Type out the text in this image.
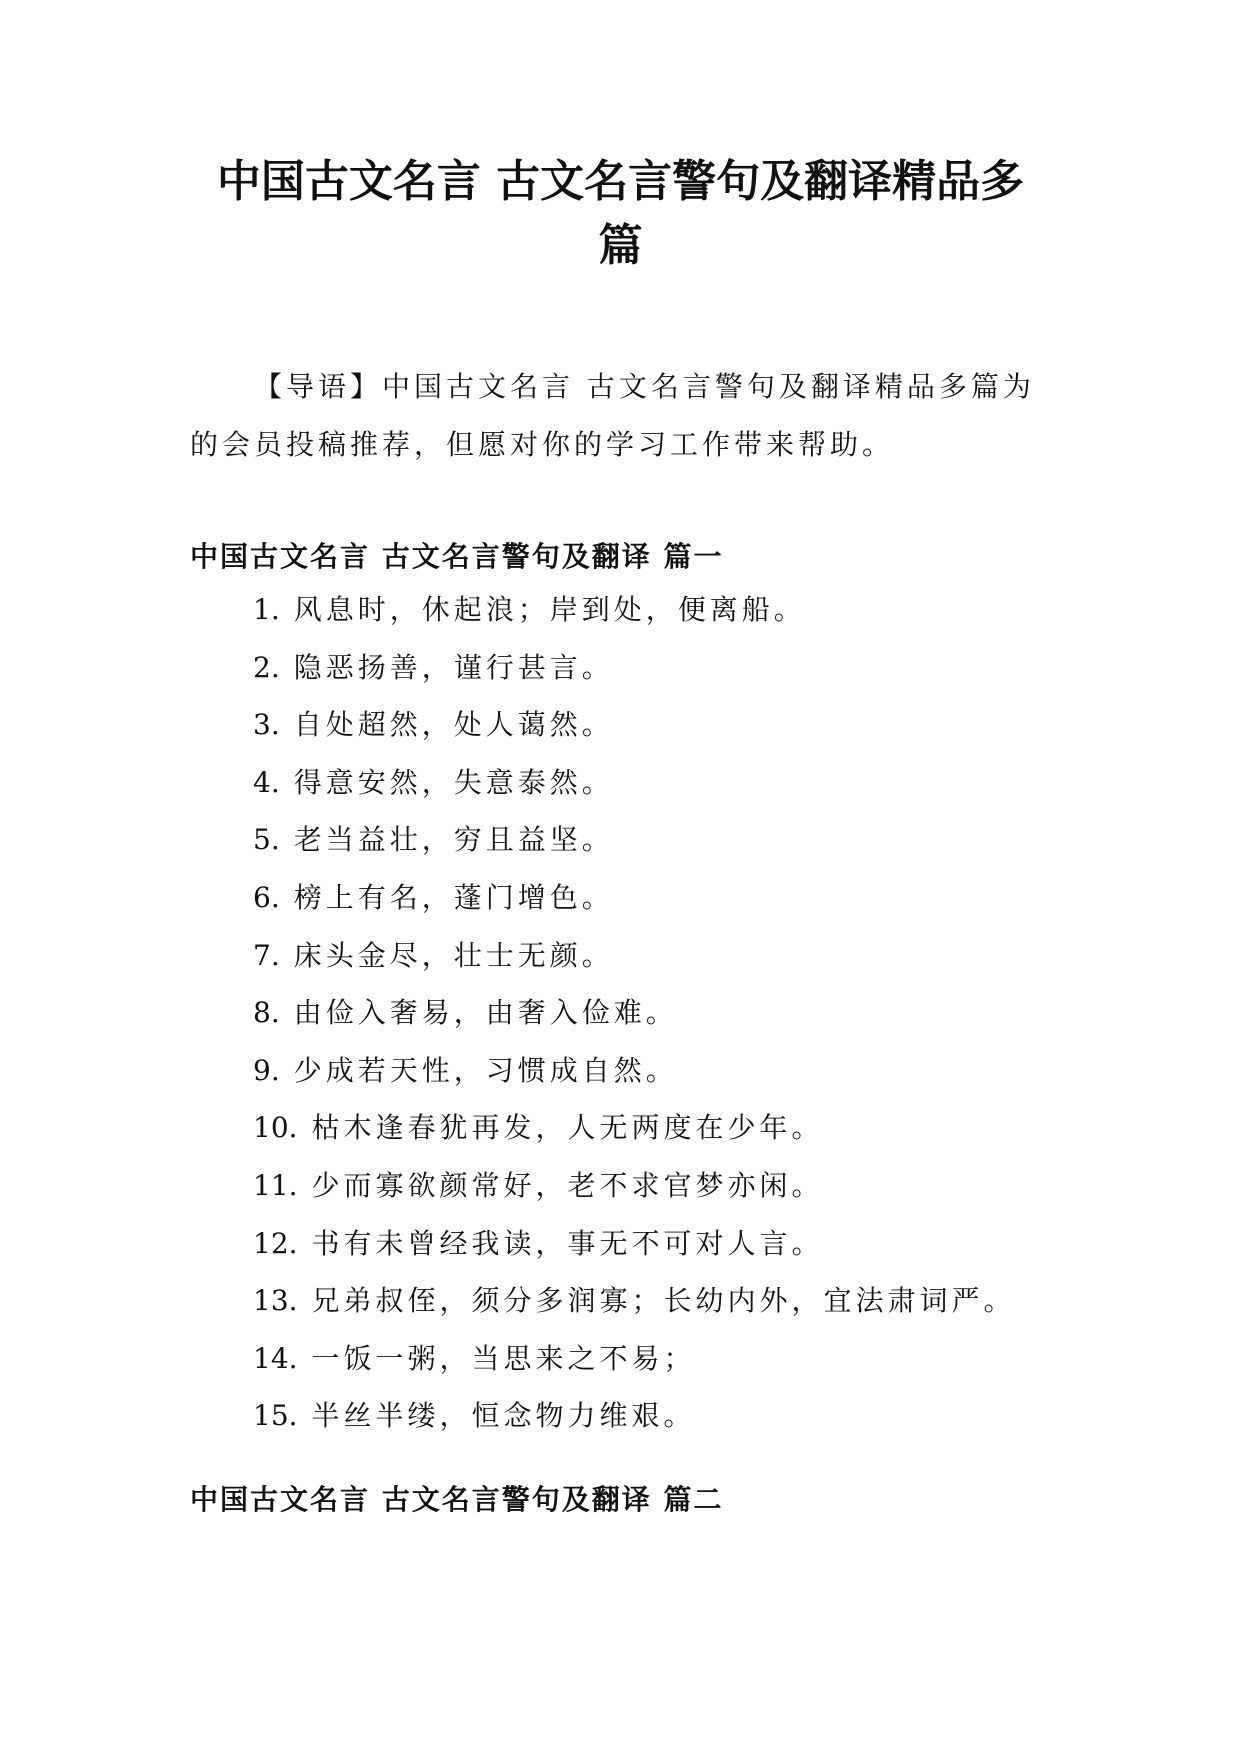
中国古文名言 古文名言警句及翻译精品多
篇

【导语】中国古文名言 古文名言警句及翻译精品多篇为的会员投稿推荐，但愿对你的学习工作带来帮助。

中国古文名言 古文名言警句及翻译 篇一
1. 风息时，休起浪；岸到处，便离船。
2. 隐恶扬善，谨行甚言。
3. 自处超然，处人蔼然。
4. 得意安然，失意泰然。
5. 老当益壮，穷且益坚。
6. 榜上有名，蓬门增色。
7. 床头金尽，壮士无颜。
8. 由俭入奢易，由奢入俭难。
9. 少成若天性，习惯成自然。
10. 枯木逢春犹再发，人无两度在少年。
11. 少而寡欲颜常好，老不求官梦亦闲。
12. 书有未曾经我读，事无不可对人言。
13. 兄弟叔侄，须分多润寡；长幼内外，宜法肃词严。
14. 一饭一粥，当思来之不易；
15. 半丝半缕，恒念物力维艰。
中国古文名言 古文名言警句及翻译 篇二
